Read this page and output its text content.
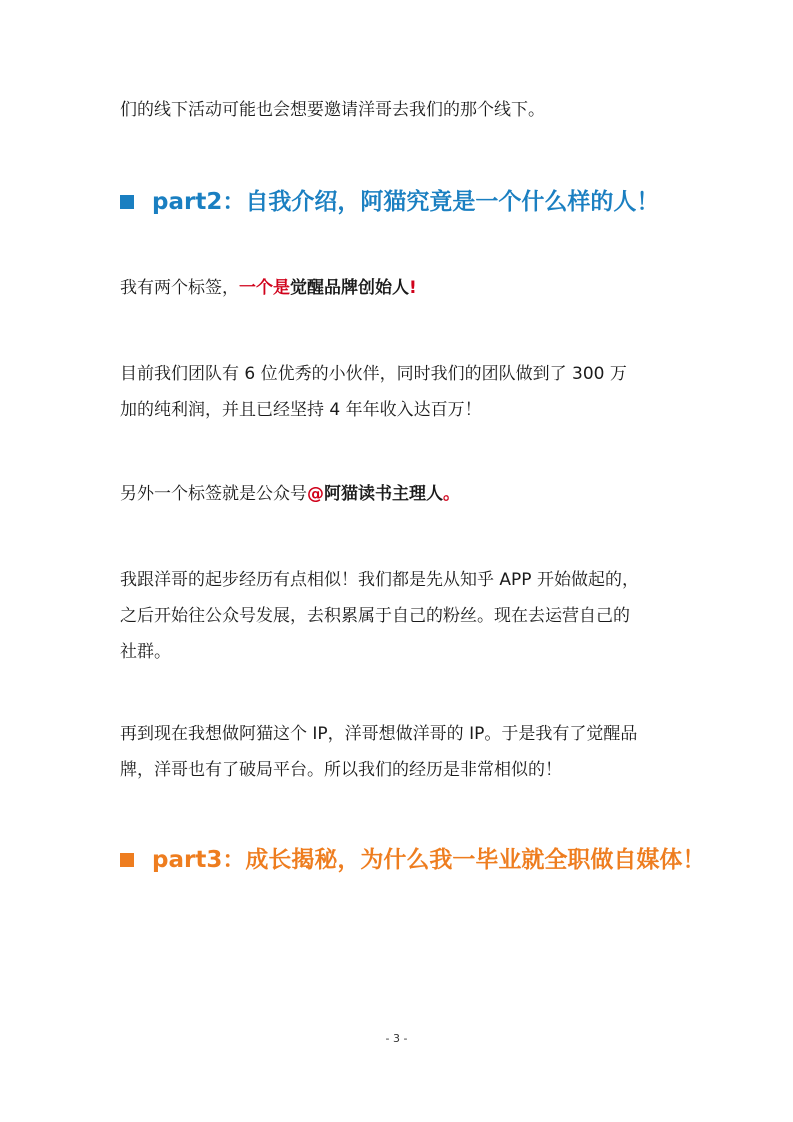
们的线下活动可能也会想要邀请洋哥去我们的那个线下。

part2：自我介绍，阿猫究竟是一个什么样的人！

我有两个标签，一个是觉醒品牌创始人!

目前我们团队有 6 位优秀的小伙伴，同时我们的团队做到了 300 万
加的纯利润，并且已经坚持 4 年年收入达百万！

另外一个标签就是公众号@阿猫读书主理人。

我跟洋哥的起步经历有点相似！我们都是先从知乎 APP 开始做起的，
之后开始往公众号发展，去积累属于自己的粉丝。现在去运营自己的
社群。

再到现在我想做阿猫这个 IP，洋哥想做洋哥的 IP。于是我有了觉醒品
牌，洋哥也有了破局平台。所以我们的经历是非常相似的！

part3：成长揭秘，为什么我一毕业就全职做自媒体！
- 3 -
